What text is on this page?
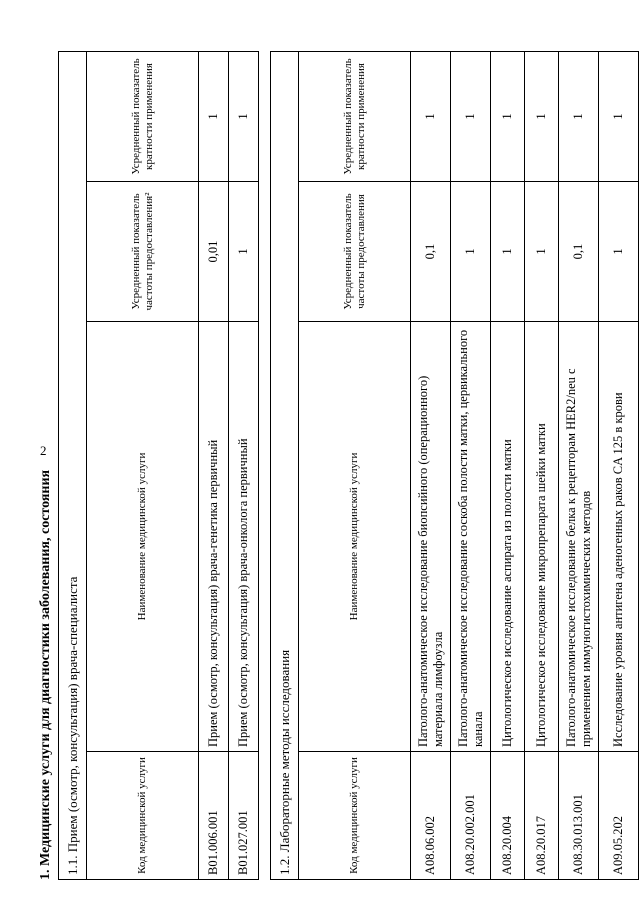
2
1. Медицинские услуги для диагностики заболевания, состояния 1.1. Прием (осмотр, консультация) врача-специалиста			
Код медицинской услуги	Наименование медицинской услуги	Усредненный показатель частоты предоставления²	Усредненный показатель кратности применения
B01.006.001	Прием (осмотр, консультация) врача-генетика первичный	0,01	1
B01.027.001	Прием (осмотр, консультация) врача-онколога первичный	1	1
1.2. Лабораторные методы исследования			
Код медицинской услуги	Наименование медицинской услуги	Усредненный показатель частоты предоставления	Усредненный показатель кратности применения
A08.06.002	Патолого-анатомическое исследование биопсийного (операционного) материала лимфоузла	0,1	1
A08.20.002.001	Патолого-анатомическое исследование соскоба полости матки, цервикального канала	1	1
A08.20.004	Цитологическое исследование аспирата из полости матки	1	1
A08.20.017	Цитологическое исследование микропрепарата шейки матки	1	1
A08.30.013.001	Патолого-анатомическое исследование белка к рецепторам HER2/neu с применением иммуногистохимических методов	0,1	1
A09.05.202	Исследование уровня антигена аденогенных раков CA 125 в крови	1	1
